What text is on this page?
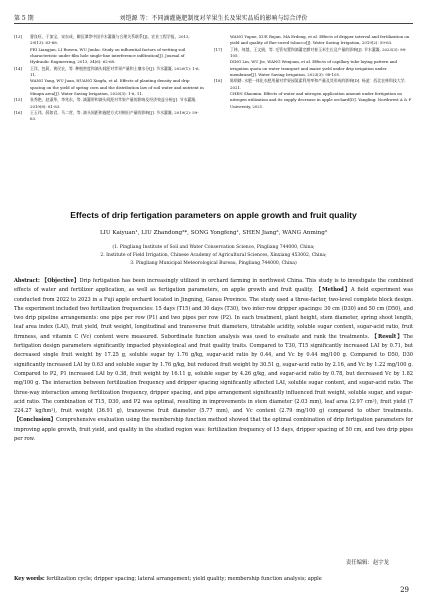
第 5 期	刘铠源 等：不同滴灌施肥制度对苹果生长及果实品质的影响与综合评价
[13] 曹良旺，于加宝，宋东成，卿沉谭等中国节水灌溉与合理关系联系[J]。农业工程学报，2013, 29(13): 63-68.
FEI Liangjun, LI Ruwen, WU Junhu. Study on influential factors of wetting soil characteristic under film hole single-line interference infiltration[J]. Journal of Hydraulic Engineering, 2013, 34(6): 62-68.
[14] 王洋，包莉，黄民农，等. 种植密度和滴头间距对苹果产量和土壤水分[J]. 节水灌溉, 2020(1): 1-6, 11.
WANG Yang, WU Juan, HUANG Xingfa, et al. Effects of planting density and drip spacing on the yield of spring corn and the distribution law of soil water and nutrient in Minqin area[J]. Water Saving Irrigation, 2020(3): 1-6, 11.
[15] 张秀艳，赵淑华，李兆东，等. 滴灌带和滴头间距对苹果产量的影响及经济效益分析[J]. 节水灌溉, 2019(8): 81-83.
[16] 王玉玮，薛如君，马二营，等. 滴头间距和施肥方式对棉田产量的影响[J]. 节水灌溉, 2019(2): 59-63.
WANG Yupue, XUE Rujun, MA Erdeng, et al. Effects of dripper interval and fertilization on yield and quality of flue-cured tobacco[J]. Water Saving Irrigation, 2019(2): 59-63.
[17] 丁林，何越，王文娟，等. 毛管布置和滴灌定额对春玉米生长及产量的影响[J]. 节水灌溉, 2023(3): 98-105.
DING Lin, WU Jie, WANG Wenjuan, et al. Effects of capillary tube laying pattern and irrigation quota on water transport and maize yield under drip irrigation under membrane[J]. Water Saving Irrigation, 2023(3): 98-105.
[18] 陈炳耕. 水肥一体化水肥用量对苹果园氮素利用率和产量及其形成的影响[D]. 杨凌：西北农林科技大学, 2021.
CHEN Shaomin. Effects of water and nitrogen application amount under fertigation on nitrogen utilization and its supply decrease in apple orchard[D]. Yangling: Northwest A & F University, 2021.
Effects of drip fertigation parameters on apple growth and fruit quality
LIU Kaiyuan¹, LIU Zhandong²*, SONG Yongfeng¹, SHEN Jiang³, WANG Anming³
(1. Pingliang Institute of Soil and Water Conservation Science, Pingliang 744000, China;
2. Institute of Field Irrigation, Chinese Academy of Agricultural Sciences, Xinxiang 453002, China;
3. Pingliang Municipal Meteorological Bureau, Pingliang 744000, China)
Abstract: 【Objective】Drip fertigation has been increasingly utilized in orchard farming in northwest China. This study is to investigate the combined effects of water and fertilizer application, as well as fertigation parameters, on apple growth and fruit quality. 【Method】A field experiment was conducted from 2022 to 2023 in a Fuji apple orchard located in Jingning, Gansu Province. The study used a three-factor, two-level complete block design. The experiment included two fertilization frequencies: 15 days (T15) and 30 days (T30), two inter-row dripper spacings: 30 cm (D30) and 50 cm (D50), and two drip pipeline arrangements: one pipe per row (P1) and two pipes per row (P2). In each treatment, plant height, stem diameter, spring shoot length, leaf area index (LAI), fruit yield, fruit weight, longitudinal and transverse fruit diameters, titratable acidity, soluble sugar content, sugar-acid ratio, fruit firmness, and vitamin C (Vc) content were measured. Subordinate function analysis was used to evaluate and rank the treatments. 【Result】The fertigation design parameters significantly impacted physiological and fruit quality traits. Compared to T30, T15 significantly increased LAI by 0.71, but decreased single fruit weight by 17.25 g, soluble sugar by 1.76 g/kg, sugar-acid ratio by 0.44, and Vc by 0.44 mg/100 g. Compared to D50, D30 significantly increased LAI by 0.63 and soluble sugar by 1.76 g/kg, but reduced fruit weight by 30.51 g, sugar-acid ratio by 2.16, and Vc by 1.22 mg/100 g. Compared to P2, P1 increased LAI by 0.38, fruit weight by 16.11 g, soluble sugar by 4.26 g/kg, and sugar-acid ratio by 0.78, but decreased Vc by 1.82 mg/100 g. The interaction between fertilization frequency and dripper spacing significantly affected LAI, soluble sugar content, and sugar-acid ratio. The three-way interaction among fertilization frequency, dripper spacing, and pipe arrangement significantly influenced fruit weight, soluble sugar, and sugar-acid ratio. The combination of T15, D30, and P2 was optimal, resulting in improvements in stem diameter (2.03 mm), leaf area (2.97 cm²), fruit yield (7 224.27 kg/hm²), fruit weight (36.91 g), transverse fruit diameter (5.77 mm), and Vc content (2.79 mg/100 g) compared to other treatments. 【Conclusion】Comprehensive evaluation using the membership function method showed that the optimal combination of drip fertigation parameters for improving apple growth, fruit yield, and quality in the studied region was: fertilization frequency of 15 days, dripper spacing of 50 cm, and two drip pipes per row.
责任编辑：赵宇龙
Key words: fertilization cycle; dripper spacing; lateral arrangement; yield quality; membership function analysis; apple
29
